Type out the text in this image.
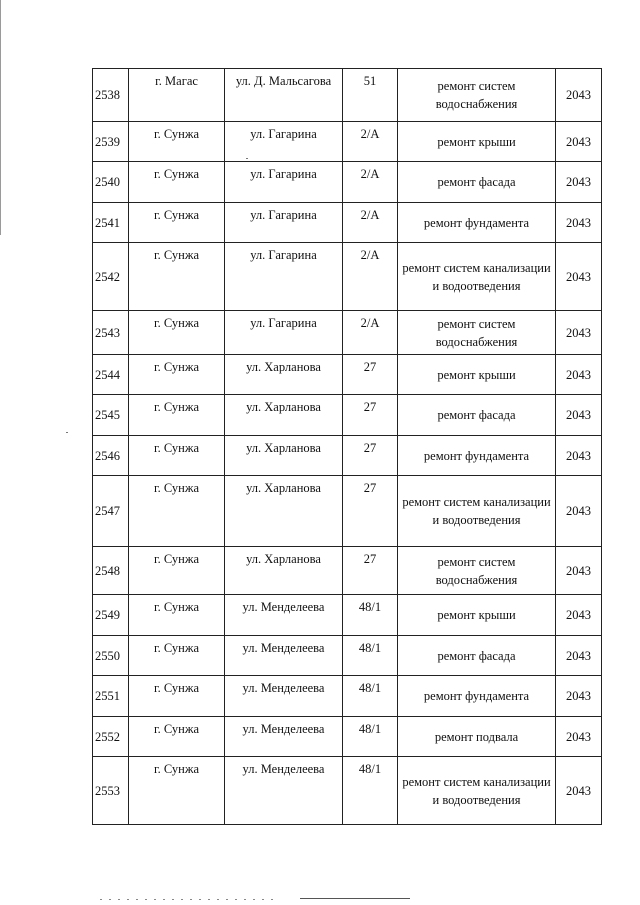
2538	г. Магас	ул. Д. Мальсагова	51	ремонт систем водоснабжения	2043
2539	г. Сунжа	ул. Гагарина	2/А	ремонт крыши	2043
2540	г. Сунжа	ул. Гагарина	2/А	ремонт фасада	2043
2541	г. Сунжа	ул. Гагарина	2/А	ремонт фундамента	2043
2542	г. Сунжа	ул. Гагарина	2/А	ремонт систем канализации и водоотведения	2043
2543	г. Сунжа	ул. Гагарина	2/А	ремонт систем водоснабжения	2043
2544	г. Сунжа	ул. Харланова	27	ремонт крыши	2043
2545	г. Сунжа	ул. Харланова	27	ремонт фасада	2043
2546	г. Сунжа	ул. Харланова	27	ремонт фундамента	2043
2547	г. Сунжа	ул. Харланова	27	ремонт систем канализации и водоотведения	2043
2548	г. Сунжа	ул. Харланова	27	ремонт систем водоснабжения	2043
2549	г. Сунжа	ул. Менделеева	48/1	ремонт крыши	2043
2550	г. Сунжа	ул. Менделеева	48/1	ремонт фасада	2043
2551	г. Сунжа	ул. Менделеева	48/1	ремонт фундамента	2043
2552	г. Сунжа	ул. Менделеева	48/1	ремонт подвала	2043
2553	г. Сунжа	ул. Менделеева	48/1	ремонт систем канализации и водоотведения	2043
